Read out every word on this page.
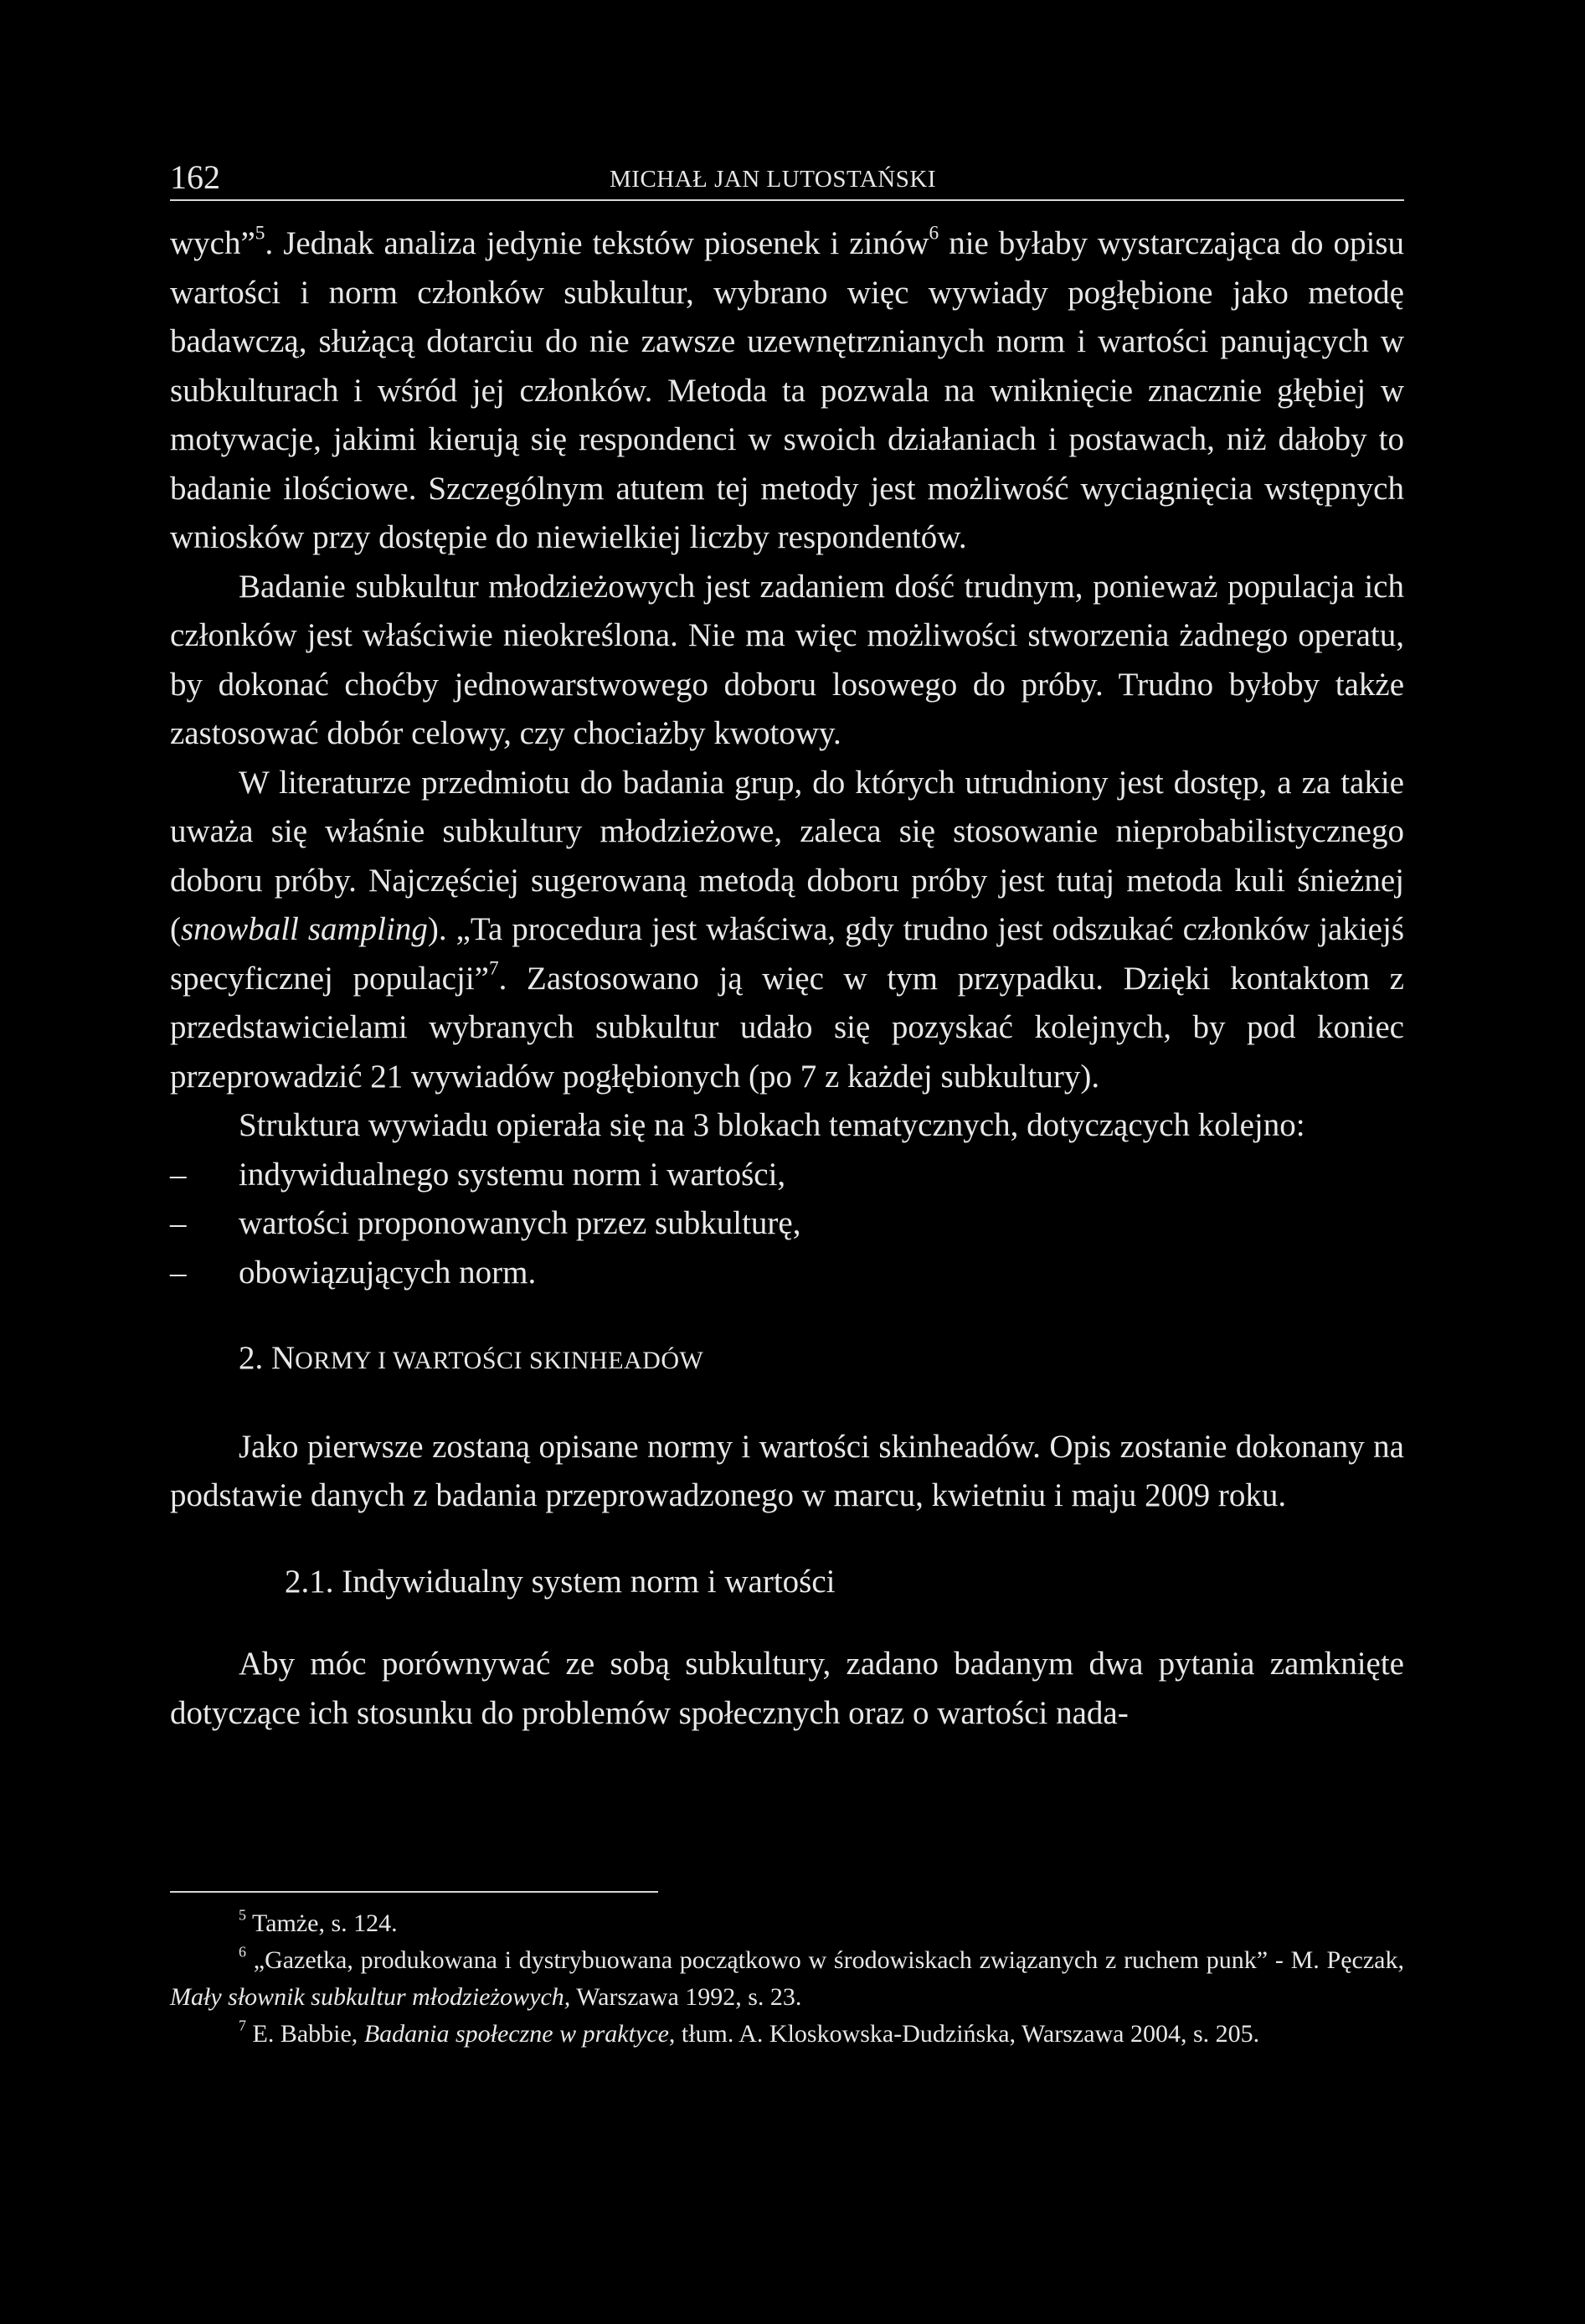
162	MICHAŁ JAN LUTOSTAŃSKI

wych”$^5$. Jednak analiza jedynie tekstów piosenek i zinów$^6$ nie byłaby wystarczająca do opisu wartości i norm członków subkultur, wybrano więc wywiady pogłębione jako metodę badawczą, służącą dotarciu do nie zawsze uzewnętrznianych norm i wartości panujących w subkulturach i wśród jej członków. Metoda ta pozwala na wniknięcie znacznie głębiej w motywacje, jakimi kierują się respondenci w swoich działaniach i postawach, niż dałoby to badanie ilościowe. Szczególnym atutem tej metody jest możliwość wyciagnięcia wstępnych wniosków przy dostępie do niewielkiej liczby respondentów.

Badanie subkultur młodzieżowych jest zadaniem dość trudnym, ponieważ populacja ich członków jest właściwie nieokreślona. Nie ma więc możliwości stworzenia żadnego operatu, by dokonać choćby jednowarstwowego doboru losowego do próby. Trudno byłoby także zastosować dobór celowy, czy chociażby kwotowy.

W literaturze przedmiotu do badania grup, do których utrudniony jest dostęp, a za takie uważa się właśnie subkultury młodzieżowe, zaleca się stosowanie nieprobabilistycznego doboru próby. Najczęściej sugerowaną metodą doboru próby jest tutaj metoda kuli śnieżnej (snowball sampling). „Ta procedura jest właściwa, gdy trudno jest odszukać członków jakiejś specyficznej populacji”$^7$. Zastosowano ją więc w tym przypadku. Dzięki kontaktom z przedstawicielami wybranych subkultur udało się pozyskać kolejnych, by pod koniec przeprowadzić 21 wywiadów pogłębionych (po 7 z każdej subkultury).

Struktura wywiadu opierała się na 3 blokach tematycznych, dotyczących kolejno:

–	indywidualnego systemu norm i wartości,
–	wartości proponowanych przez subkulturę,
–	obowiązujących norm.
2. NORMY I WARTOŚCI SKINHEADÓW

Jako pierwsze zostaną opisane normy i wartości skinheadów. Opis zostanie dokonany na podstawie danych z badania przeprowadzonego w marcu, kwietniu i maju 2009 roku.

2.1. Indywidualny system norm i wartości

Aby móc porównywać ze sobą subkultury, zadano badanym dwa pytania zamknięte dotyczące ich stosunku do problemów społecznych oraz o wartości nada-

$^5$ Tamże, s. 124.

$^6$ „Gazetka, produkowana i dystrybuowana początkowo w środowiskach związanych z ruchem punk” - M. Pęczak, Mały słownik subkultur młodzieżowych, Warszawa 1992, s. 23.

$^7$ E. Babbie, Badania społeczne w praktyce, tłum. A. Kloskowska-Dudzińska, Warszawa 2004, s. 205.
